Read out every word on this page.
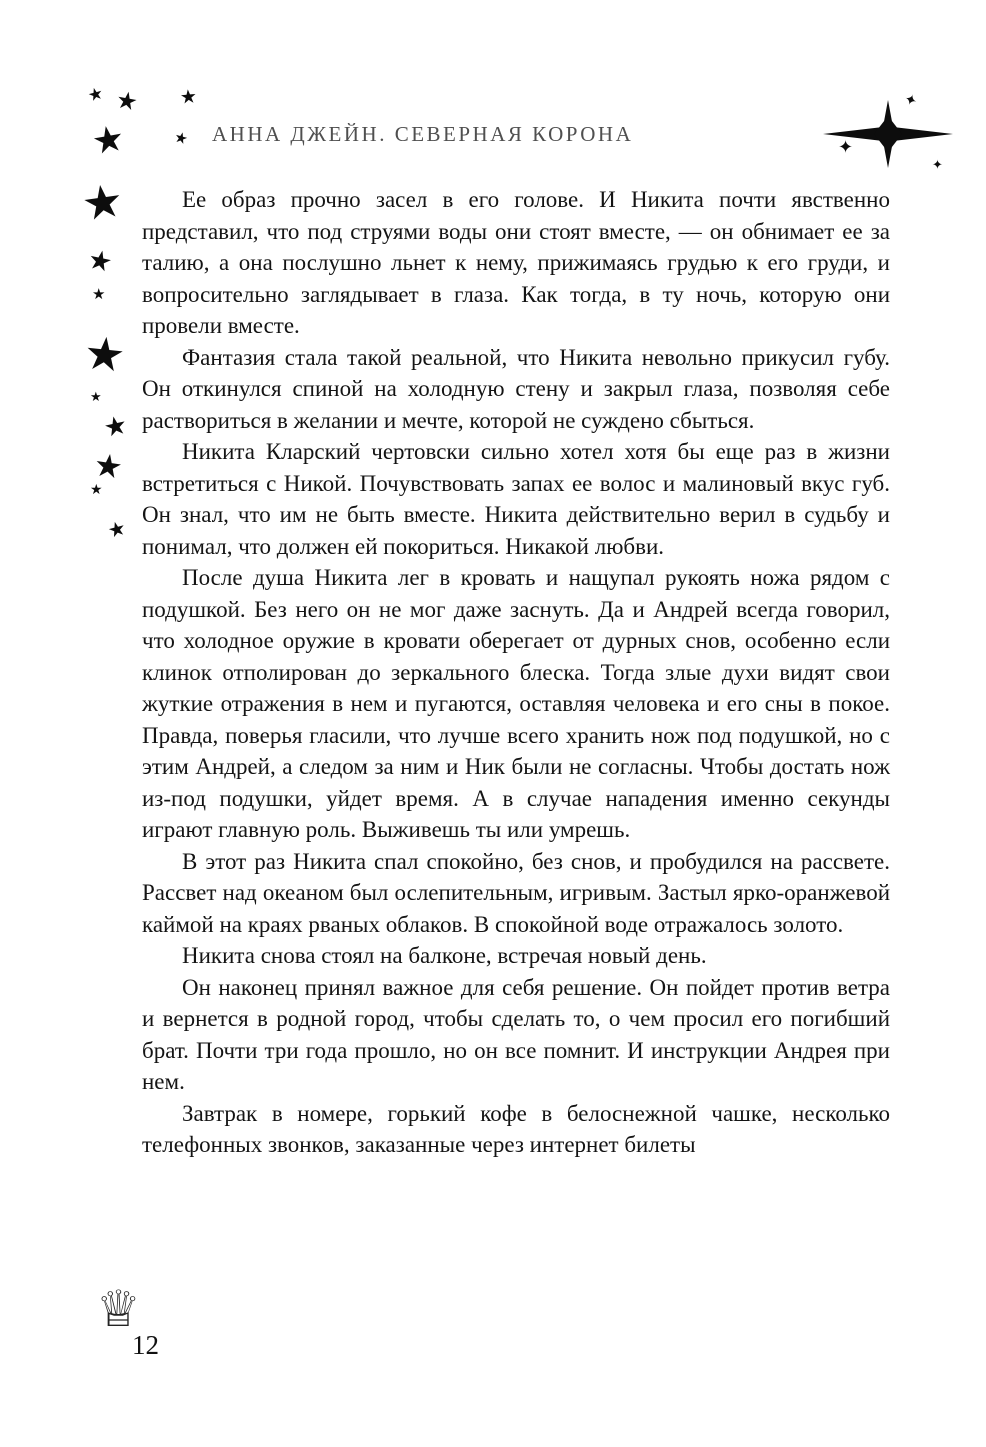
★ ★ ★
★	★
★
★
★
★
★
★
★
★
★
✦
✦
✦
АННА ДЖЕЙН. СЕВЕРНАЯ КОРОНА

Ее образ прочно засел в его голове. И Никита почти явственно представил, что под струями воды они стоят вместе, — он обнимает ее за талию, а она послушно льнет к нему, прижимаясь грудью к его груди, и вопросительно заглядывает в глаза. Как тогда, в ту ночь, которую они провели вместе.

Фантазия стала такой реальной, что Никита невольно прикусил губу. Он откинулся спиной на холодную стену и закрыл глаза, позволяя себе раствориться в желании и мечте, которой не суждено сбыться.

Никита Кларский чертовски сильно хотел хотя бы еще раз в жизни встретиться с Никой. Почувствовать запах ее волос и малиновый вкус губ. Он знал, что им не быть вместе. Никита действительно верил в судьбу и понимал, что должен ей покориться. Никакой любви.

После душа Никита лег в кровать и нащупал рукоять ножа рядом с подушкой. Без него он не мог даже заснуть. Да и Андрей всегда говорил, что холодное оружие в кровати оберегает от дурных снов, особенно если клинок отполирован до зеркального блеска. Тогда злые духи видят свои жуткие отражения в нем и пугаются, оставляя человека и его сны в покое. Правда, поверья гласили, что лучше всего хранить нож под подушкой, но с этим Андрей, а следом за ним и Ник были не согласны. Чтобы достать нож из-под подушки, уйдет время. А в случае нападения именно секунды играют главную роль. Выживешь ты или умрешь.

В этот раз Никита спал спокойно, без снов, и пробудился на рассвете. Рассвет над океаном был ослепительным, игривым. Застыл ярко-оранжевой каймой на краях рваных облаков. В спокойной воде отражалось золото.

Никита снова стоял на балконе, встречая новый день.

Он наконец принял важное для себя решение. Он пойдет против ветра и вернется в родной город, чтобы сделать то, о чем просил его погибший брат. Почти три года прошло, но он все помнит. И инструкции Андрея при нем.

Завтрак в номере, горький кофе в белоснежной чашке, несколько телефонных звонков, заказанные через интернет билеты

♕
12
